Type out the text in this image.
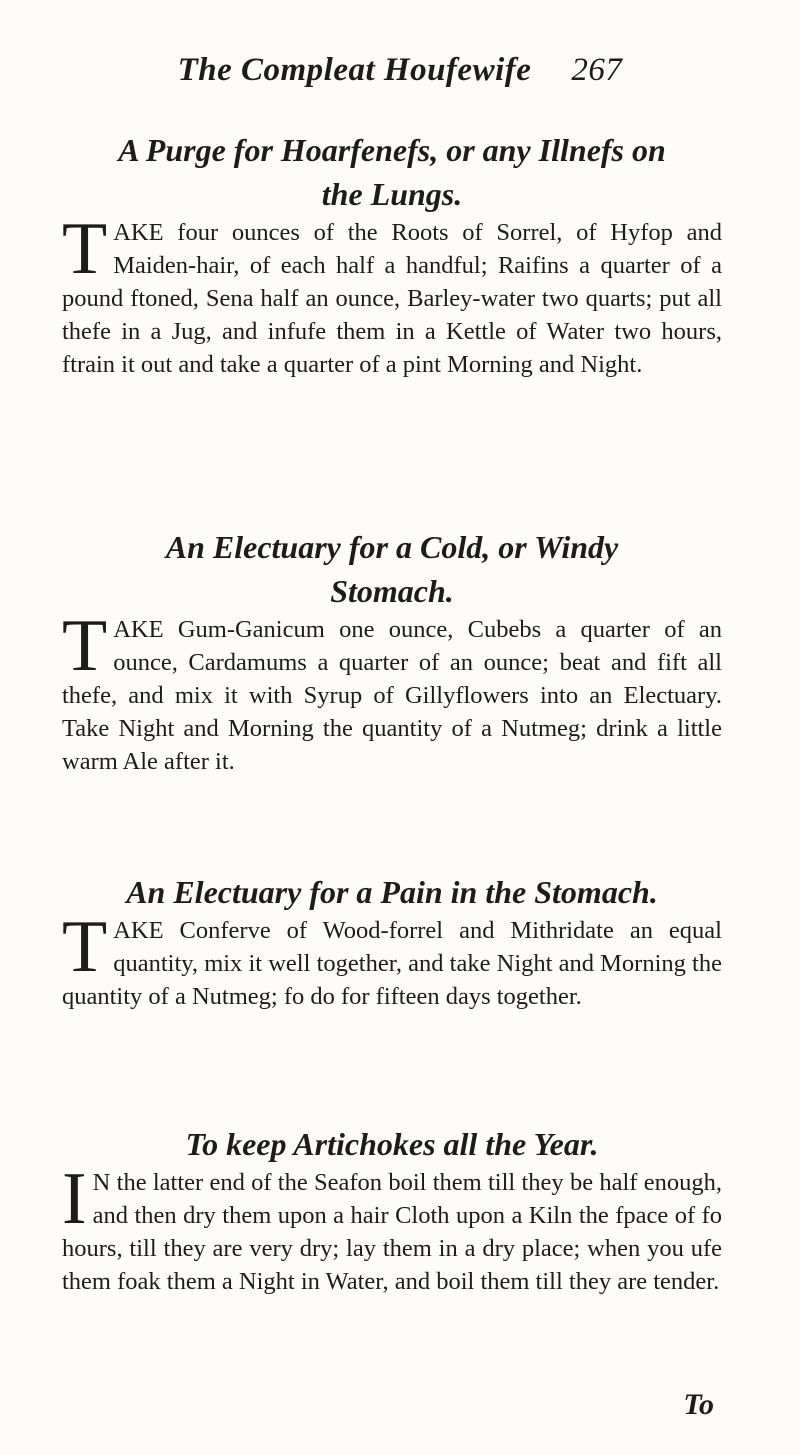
The Compleat Houfewife 267
A Purge for Hoarfenefs, or any Illnefs on
the Lungs.

TAKE four ounces of the Roots of Sorrel, of Hyfop and Maiden-hair, of each half a handful; Raifins a quarter of a pound ftoned, Sena half an ounce, Barley-water two quarts; put all thefe in a Jug, and infufe them in a Kettle of Water two hours, ftrain it out and take a quarter of a pint Morning and Night.

An Electuary for a Cold, or Windy
Stomach.

TAKE Gum-Ganicum one ounce, Cubebs a quarter of an ounce, Cardamums a quarter of an ounce; beat and fift all thefe, and mix it with Syrup of Gillyflowers into an Electuary. Take Night and Morning the quantity of a Nutmeg; drink a little warm Ale after it.

An Electuary for a Pain in the Stomach.

TAKE Conferve of Wood-forrel and Mithridate an equal quantity, mix it well together, and take Night and Morning the quantity of a Nutmeg; fo do for fifteen days together.

To keep Artichokes all the Year.

I N the latter end of the Seafon boil them till they be half enough, and then dry them upon a hair Cloth upon a Kiln the fpace of fo hours, till they are very dry; lay them in a dry place; when you ufe them foak them a Night in Water, and boil them till they are tender.

To
